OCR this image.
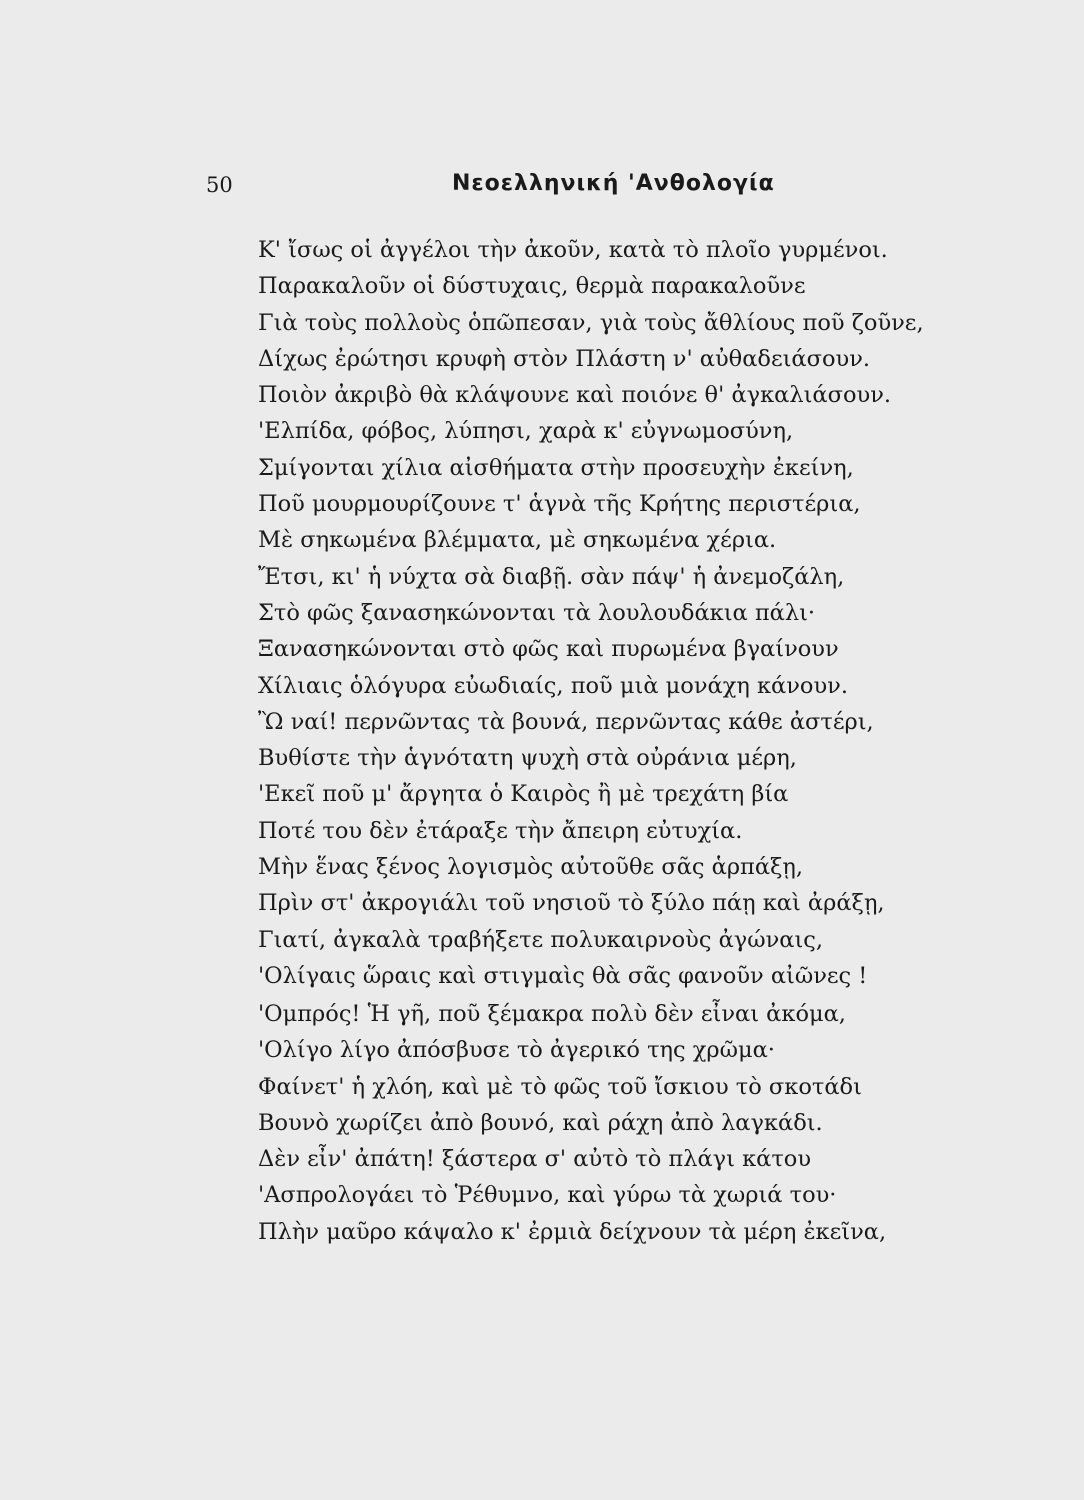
50	Νεοελληνική 'Ανθολογία
Κ' ἴσως οἱ ἀγγέλοι τὴν ἀκοῦν, κατὰ τὸ πλοῖο γυρμένοι.
Παρακαλοῦν οἱ δύστυχαις, θερμὰ παρακαλοῦνε
Γιὰ τοὺς πολλοὺς ὁπῶπεσαν, γιὰ τοὺς ἄθλίους ποῦ ζοῦνε,
Δίχως ἐρώτησι κρυφὴ στὸν Πλάστη ν' αὐθαδειάσουν.
Ποιὸν ἀκριβὸ θὰ κλάψουνε καὶ ποιόνε θ' ἀγκαλιάσουν.
'Ελπίδα, φόβος, λύπησι, χαρὰ κ' εὐγνωμοσύνη,
Σμίγονται χίλια αἰσθήματα στὴν προσευχὴν ἐκείνη,
Ποῦ μουρμουρίζουνε τ' ἁγνὰ τῆς Κρήτης περιστέρια,
Μὲ σηκωμένα βλέμματα, μὲ σηκωμένα χέρια.
Ἔτσι, κι' ἡ νύχτα σὰ διαβῇ. σὰν πάψ' ἡ ἀνεμοζάλη,
Στὸ φῶς ξανασηκώνονται τὰ λουλουδάκια πάλι·
Ξανασηκώνονται στὸ φῶς καὶ πυρωμένα βγαίνουν
Χίλιαις ὁλόγυρα εὐωδιαίς, ποῦ μιὰ μονάχη κάνουν.
Ὢ ναί! περνῶντας τὰ βουνά, περνῶντας κάθε ἀστέρι,
Βυθίστε τὴν ἁγνότατη ψυχὴ στὰ οὐράνια μέρη,
'Εκεῖ ποῦ μ' ἄργητα ὁ Καιρὸς ἢ μὲ τρεχάτη βία
Ποτέ του δὲν ἐτάραξε τὴν ἄπειρη εὐτυχία.
Μὴν ἕνας ξένος λογισμὸς αὐτοῦθε σᾶς ἁρπάξῃ,
Πρὶν στ' ἀκρογιάλι τοῦ νησιοῦ τὸ ξύλο πάῃ καὶ ἀράξῃ,
Γιατί, ἀγκαλὰ τραβήξετε πολυκαιρνοὺς ἀγώναις,
'Ολίγαις ὥραις καὶ στιγμαὶς θὰ σᾶς φανοῦν αἰῶνες !
'Ομπρός! Ἡ γῆ, ποῦ ξέμακρα πολὺ δὲν εἶναι ἀκόμα,
'Ολίγο λίγο ἀπόσβυσε τὸ ἀγερικό της χρῶμα·
Φαίνετ' ἡ χλόη, καὶ μὲ τὸ φῶς τοῦ ἴσκιου τὸ σκοτάδι
Βουνὸ χωρίζει ἀπὸ βουνό, καὶ ράχη ἀπὸ λαγκάδι.
Δὲν εἶν' ἀπάτη! ξάστερα σ' αὐτὸ τὸ πλάγι κάτου
'Ασπρολογάει τὸ Ῥέθυμνο, καὶ γύρω τὰ χωριά του·
Πλὴν μαῦρο κάψαλο κ' ἐρμιὰ δείχνουν τὰ μέρη ἐκεῖνα,
